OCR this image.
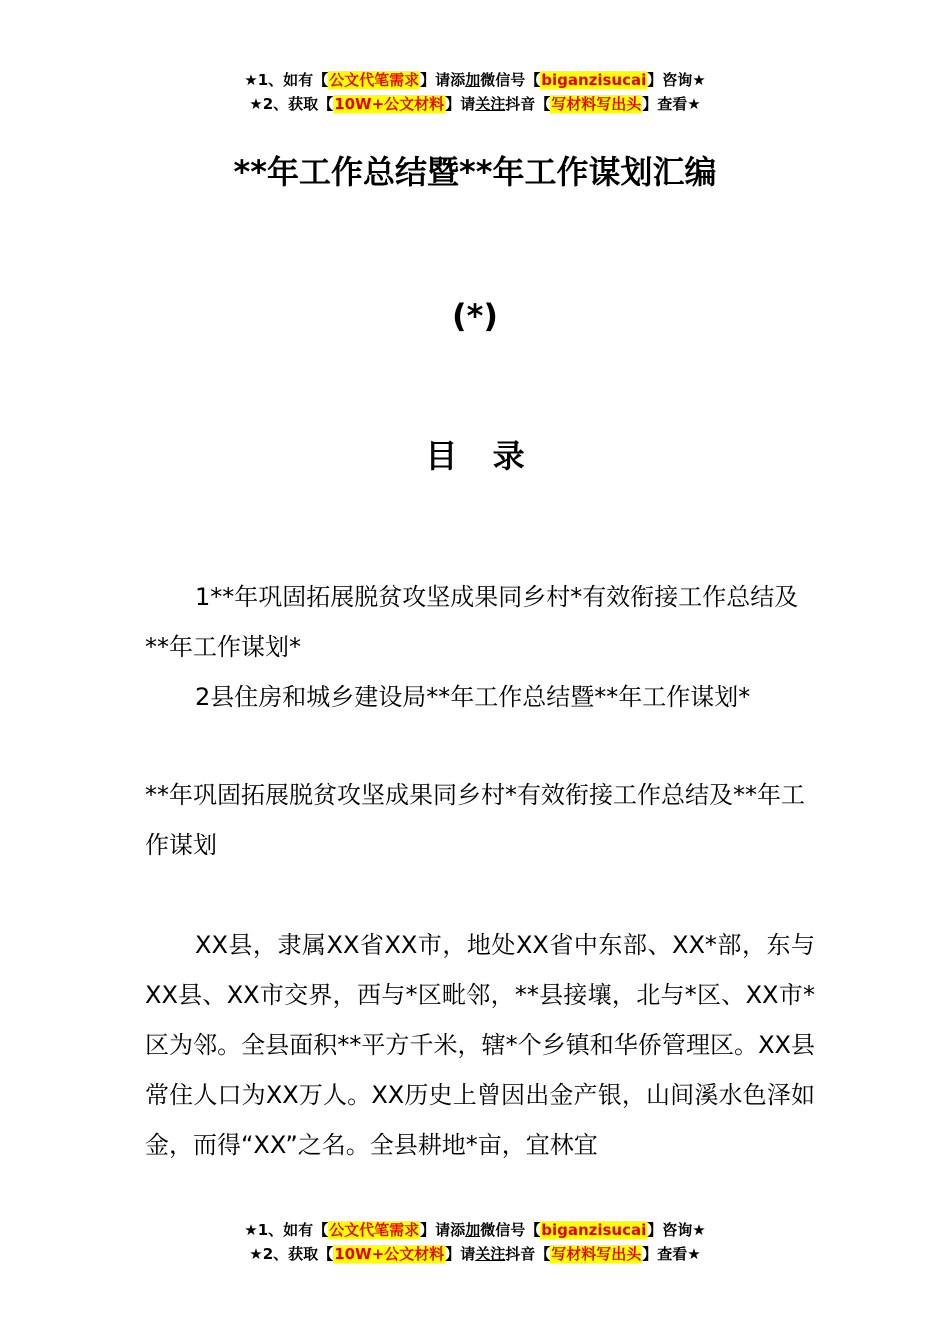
★1、如有【公文代笔需求】请添加微信号【biganzisucai】咨询★
★2、获取【10W+公文材料】请关注抖音【写材料写出头】查看★
**年工作总结暨**年工作谋划汇编
(*)
目 录

1**年巩固拓展脱贫攻坚成果同乡村*有效衔接工作总结及**年工作谋划*

2县住房和城乡建设局**年工作总结暨**年工作谋划*

**年巩固拓展脱贫攻坚成果同乡村*有效衔接工作总结及**年工作谋划

XX县，隶属XX省XX市，地处XX省中东部、XX*部，东与XX县、XX市交界，西与*区毗邻，**县接壤，北与*区、XX市*区为邻。全县面积**平方千米，辖*个乡镇和华侨管理区。XX县常住人口为XX万人。XX历史上曾因出金产银，山间溪水色泽如金，而得“XX”之名。全县耕地*亩，宜林宜

★1、如有【公文代笔需求】请添加微信号【biganzisucai】咨询★
★2、获取【10W+公文材料】请关注抖音【写材料写出头】查看★
